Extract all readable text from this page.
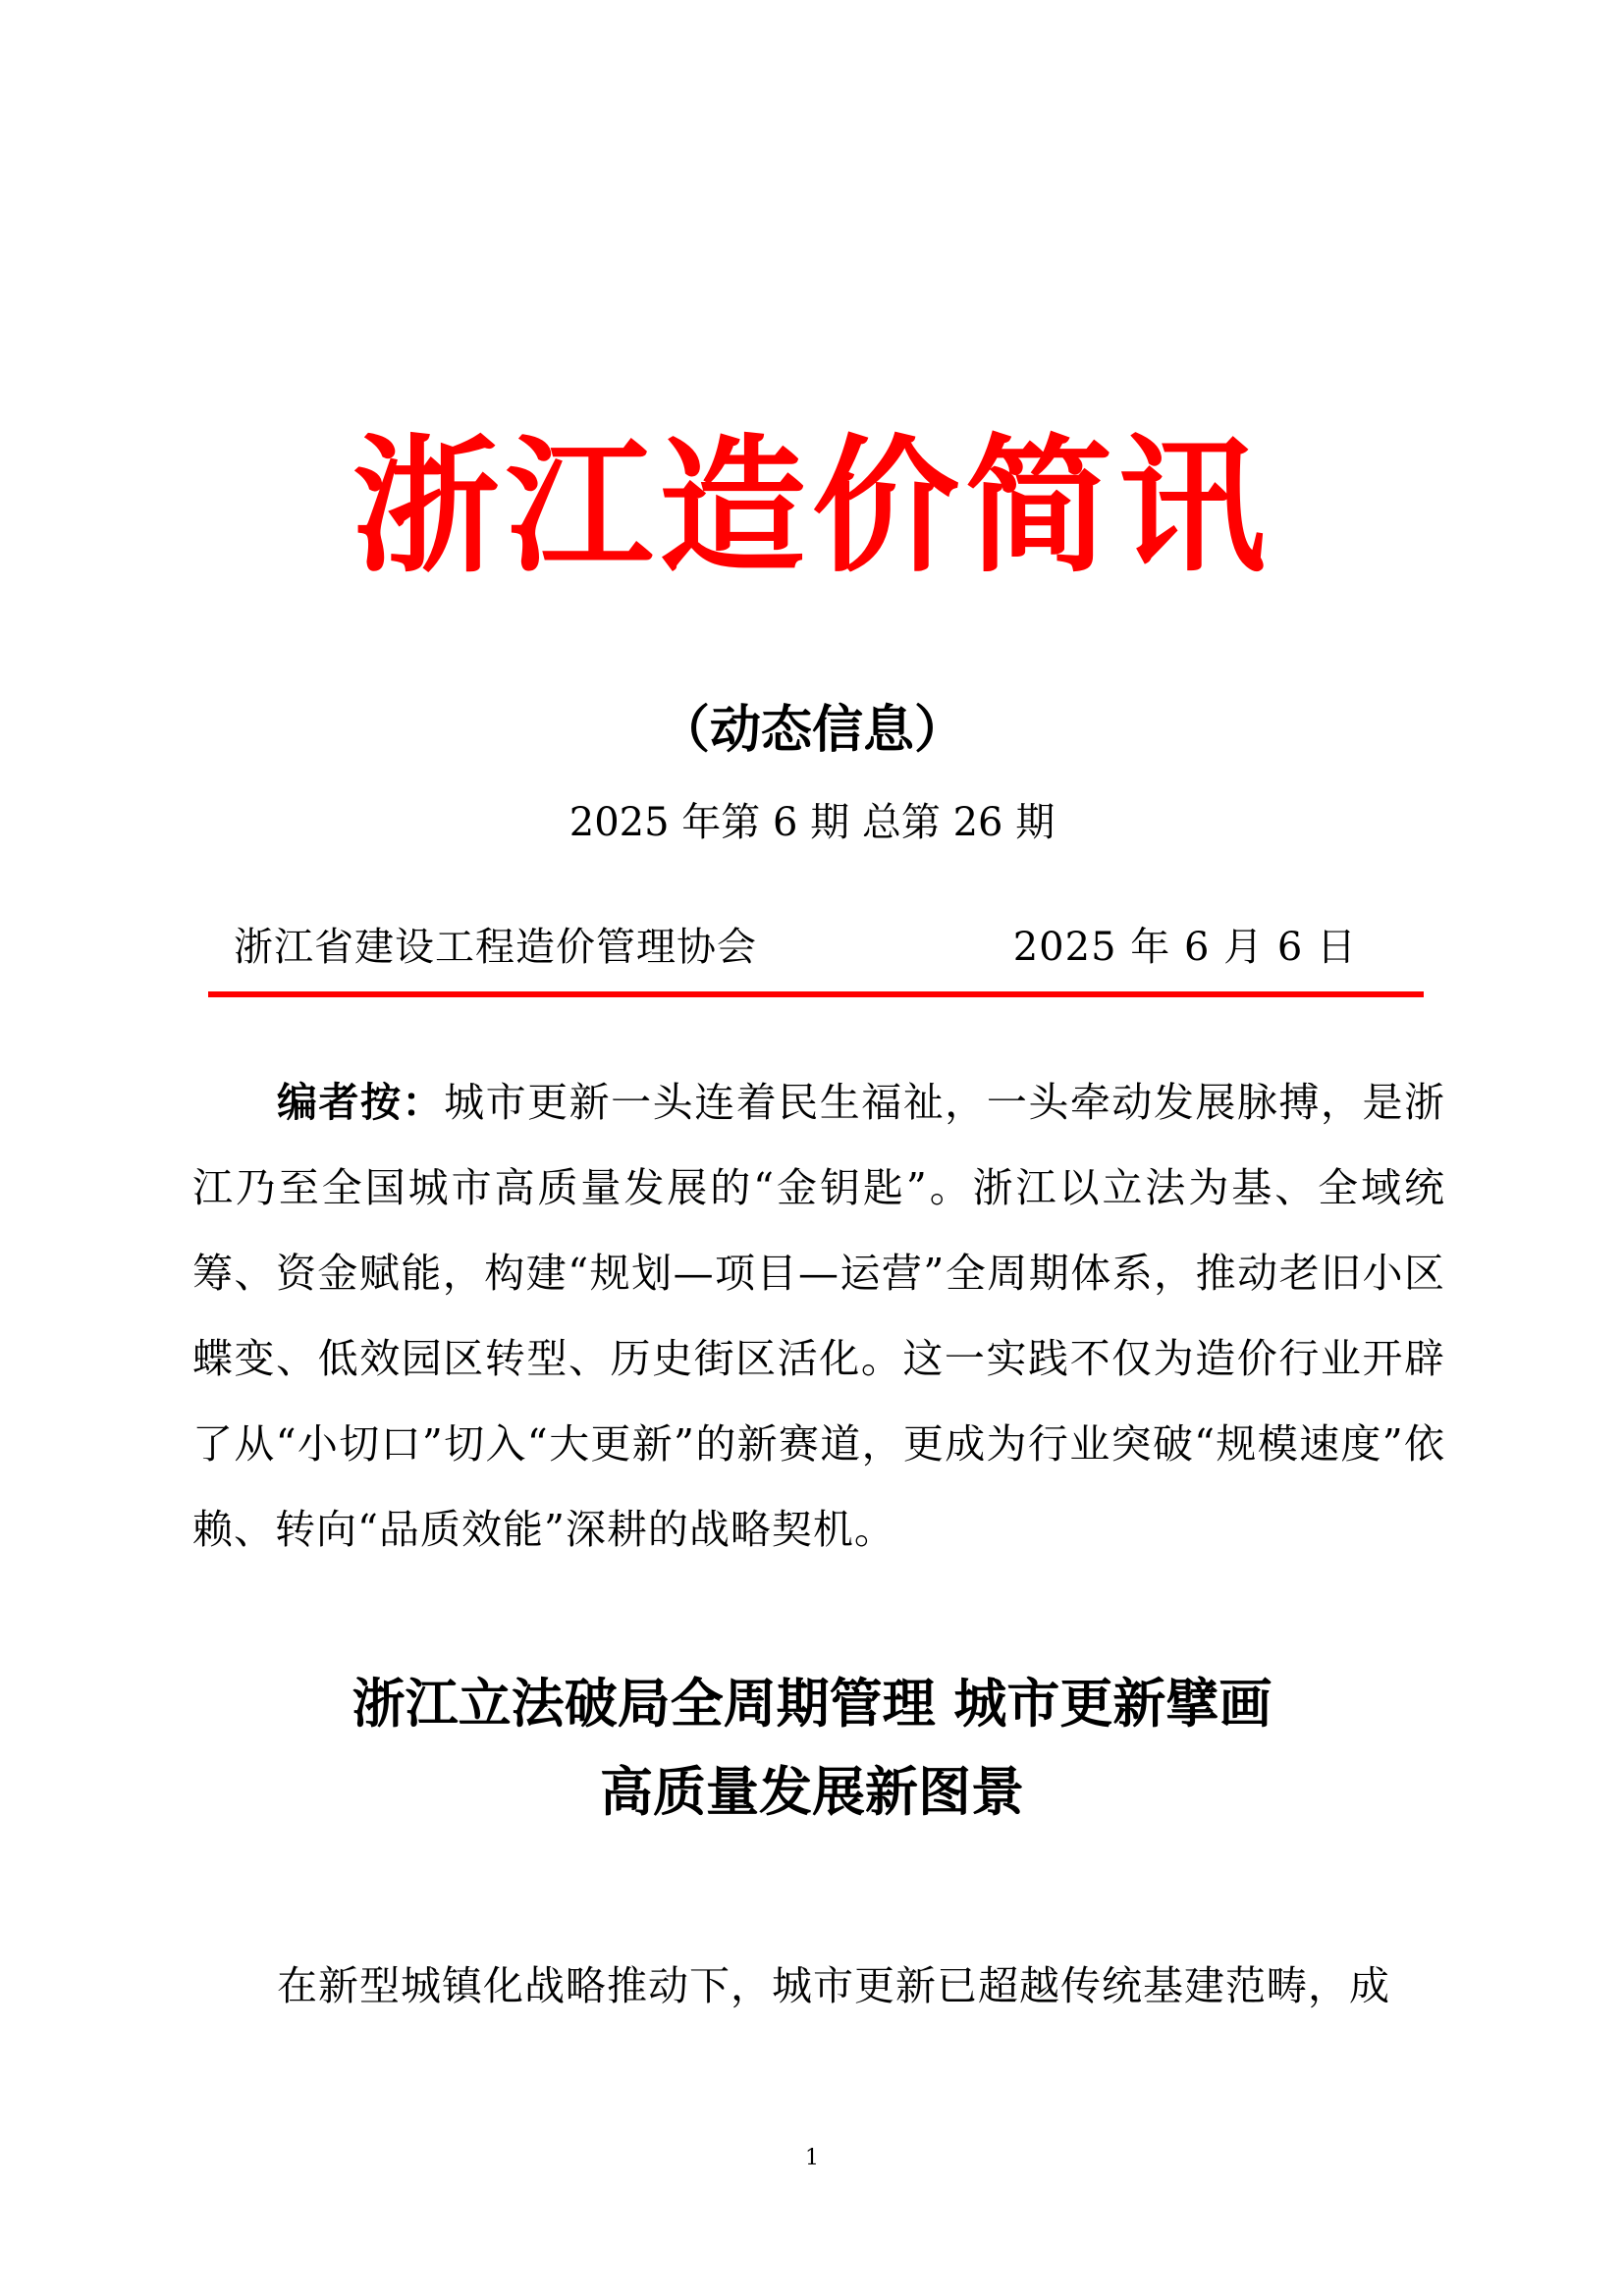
浙江造价简讯
（动态信息）
2025 年第 6 期 总第 26 期
浙江省建设工程造价管理协会	2025 年 6 月 6 日

编者按：城市更新一头连着民生福祉，一头牵动发展脉搏，是浙江乃至全国城市高质量发展的“金钥匙”。浙江以立法为基、全域统筹、资金赋能，构建“规划—项目—运营”全周期体系，推动老旧小区蝶变、低效园区转型、历史街区活化。这一实践不仅为造价行业开辟了从“小切口”切入“大更新”的新赛道，更成为行业突破“规模速度”依赖、转向“品质效能”深耕的战略契机。

浙江立法破局全周期管理 城市更新擘画
高质量发展新图景

在新型城镇化战略推动下，城市更新已超越传统基建范畴，成

1
